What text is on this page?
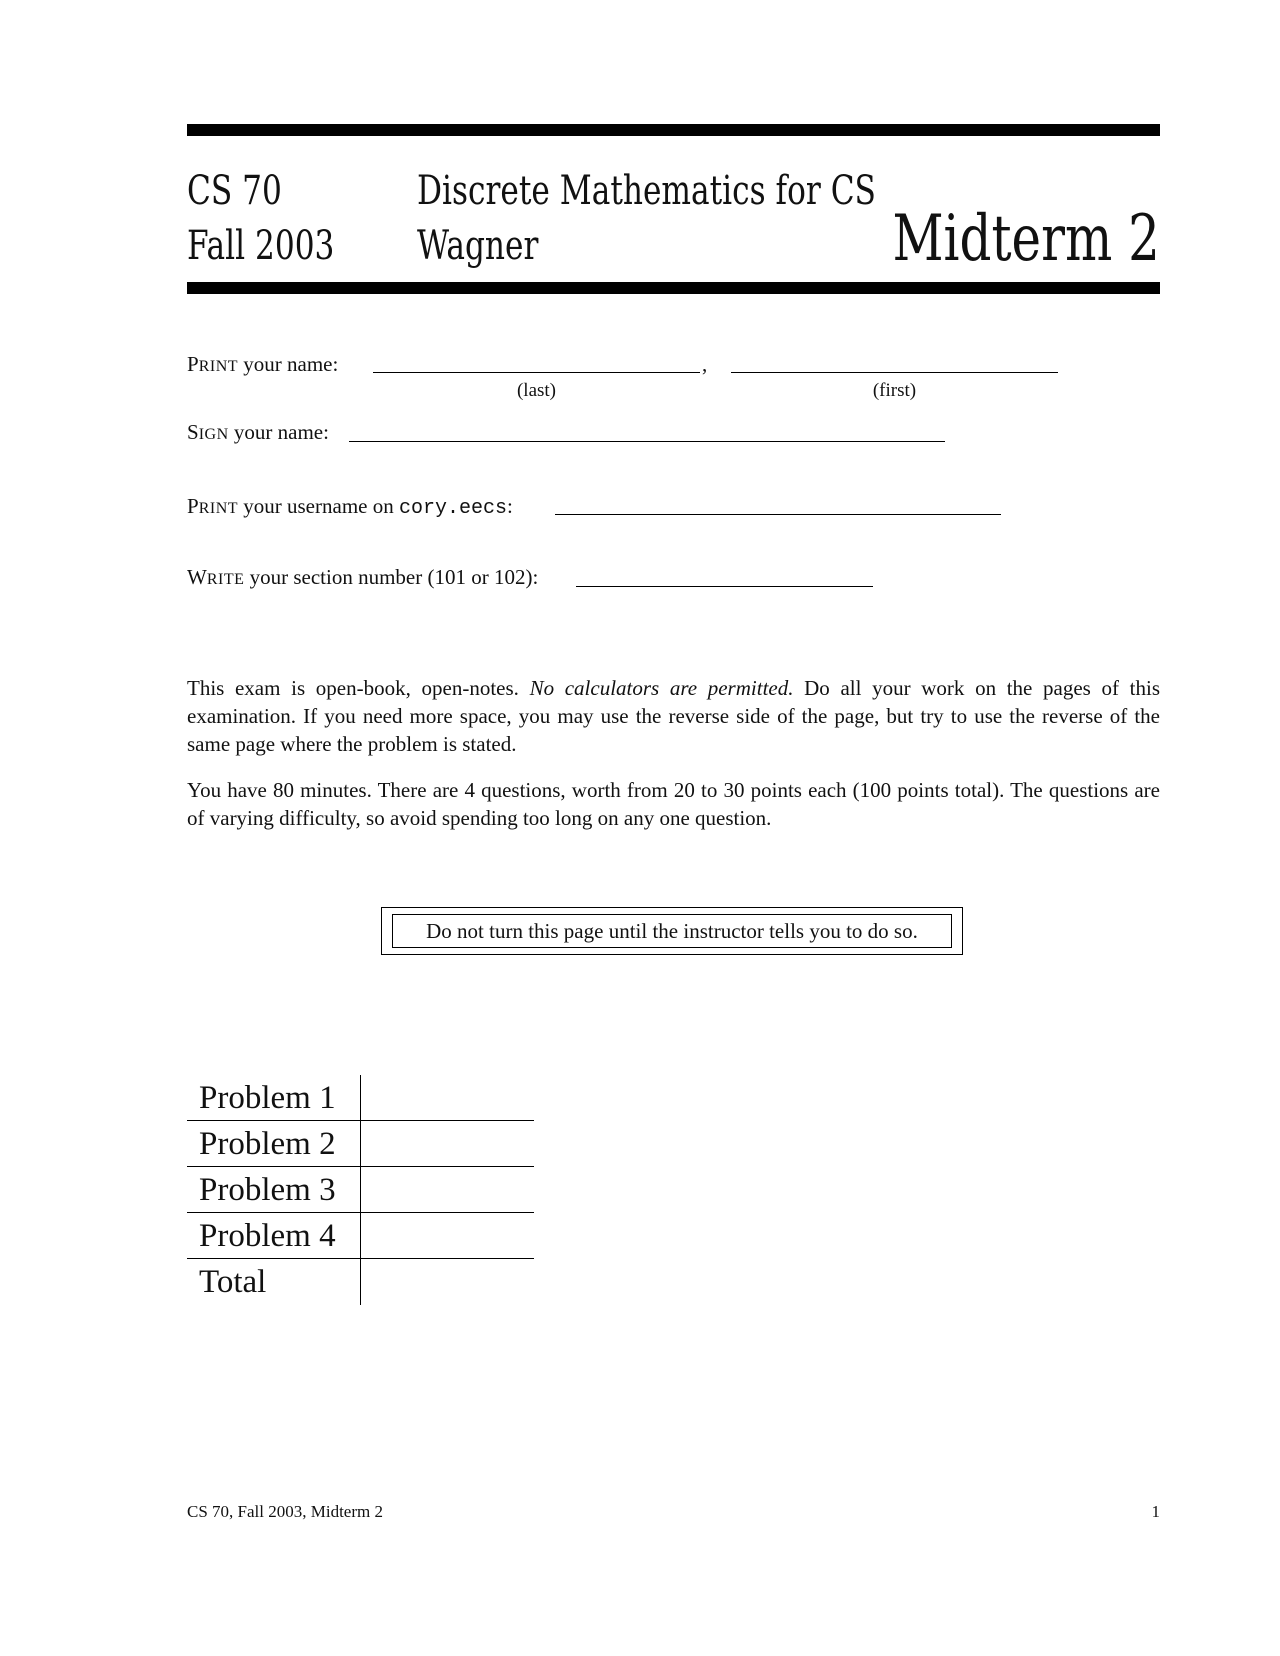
CS 70
Fall 2003
Discrete Mathematics for CS
Wagner	Midterm 2
PRINT your name:	,
(last)	(first)
SIGN your name:
PRINT your username on cory.eecs:
WRITE your section number (101 or 102):

This exam is open-book, open-notes. No calculators are permitted. Do all your work on the pages of this examination. If you need more space, you may use the reverse side of the page, but try to use the reverse of the same page where the problem is stated.

You have 80 minutes. There are 4 questions, worth from 20 to 30 points each (100 points total). The questions are of varying difficulty, so avoid spending too long on any one question.

Do not turn this page until the instructor tells you to do so.
Problem 1
Problem 2
Problem 3
Problem 4
Total
CS 70, Fall 2003, Midterm 2	1
